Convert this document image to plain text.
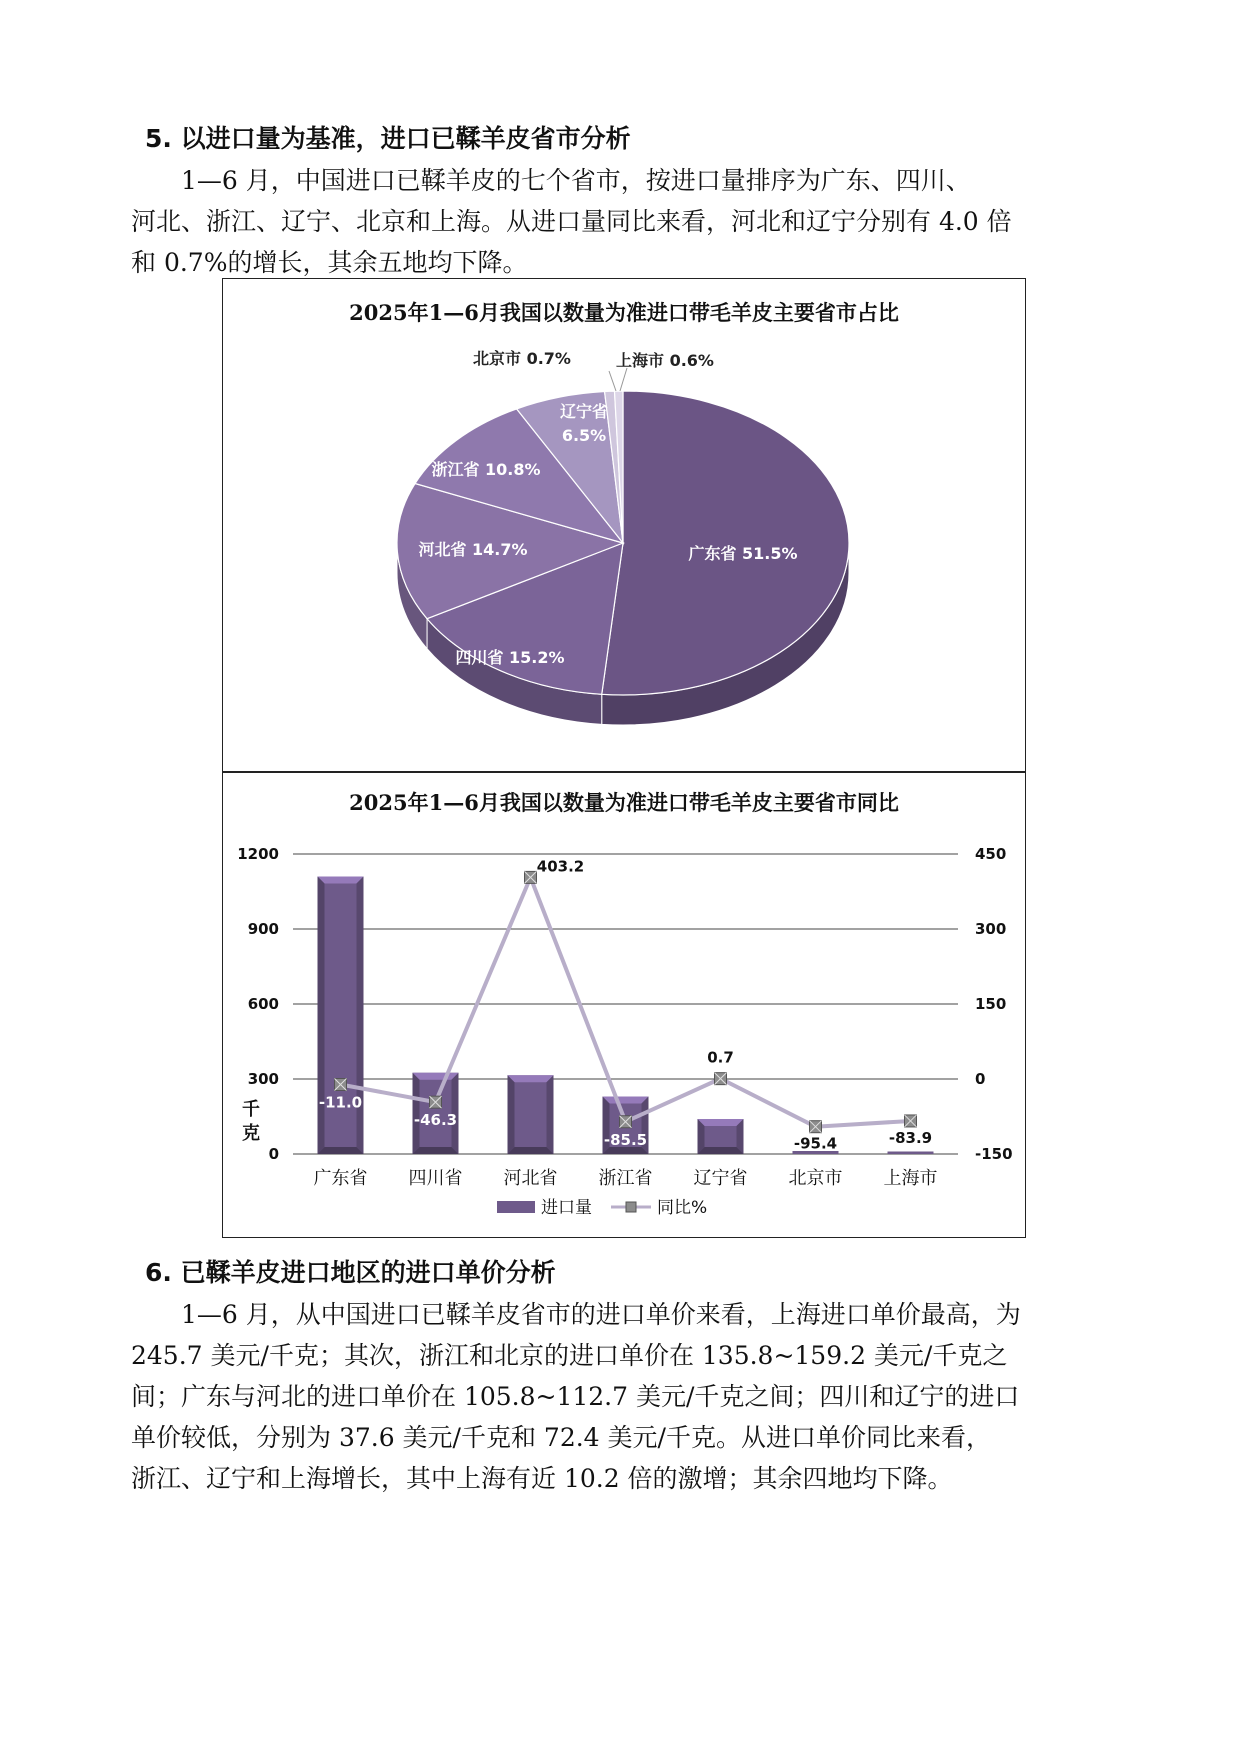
5. 以进口量为基准，进口已鞣羊皮省市分析
1—6 月，中国进口已鞣羊皮的七个省市，按进口量排序为广东、四川、
河北、浙江、辽宁、北京和上海。从进口量同比来看，河北和辽宁分别有 4.0 倍
和 0.7%的增长，其余五地均下降。
2025年1—6月我国以数量为准进口带毛羊皮主要省市占比
广东省 51.5%
四川省 15.2%
河北省 14.7%
浙江省 10.8%
辽宁省
6.5%
北京市 0.7%	上海市 0.6%
2025年1—6月我国以数量为准进口带毛羊皮主要省市同比
0
300
600
900
1200
-150
0
150
300
450
千
克
-11.0
-46.3
403.2
-85.5
0.7
-95.4	-83.9
广东省 四川省 河北省 浙江省 辽宁省 北京市 上海市
进口量	同比%
6. 已鞣羊皮进口地区的进口单价分析
1—6 月，从中国进口已鞣羊皮省市的进口单价来看，上海进口单价最高，为
245.7 美元/千克；其次，浙江和北京的进口单价在 135.8~159.2 美元/千克之
间；广东与河北的进口单价在 105.8~112.7 美元/千克之间；四川和辽宁的进口
单价较低，分别为 37.6 美元/千克和 72.4 美元/千克。从进口单价同比来看，
浙江、辽宁和上海增长，其中上海有近 10.2 倍的激增；其余四地均下降。
